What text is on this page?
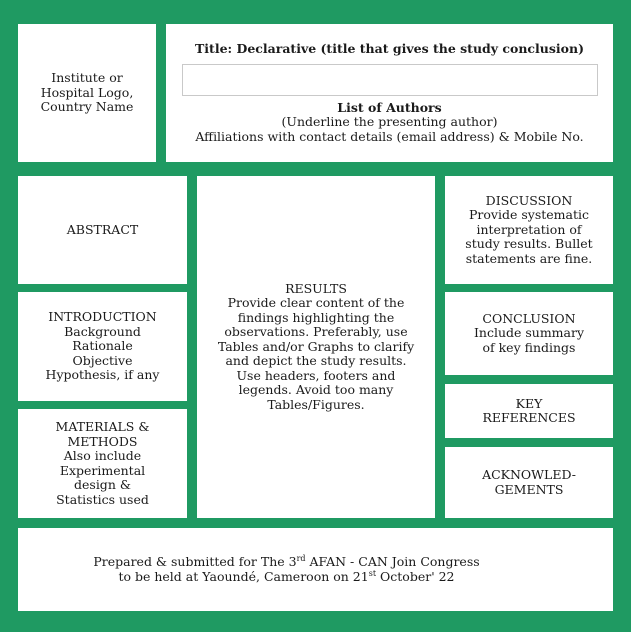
Institute or
Hospital Logo,
Country Name
Title: Declarative (title that gives the study conclusion)
List of Authors
(Underline the presenting author)
Affiliations with contact details (email address) & Mobile No.
ABSTRACT
INTRODUCTION
Background
Rationale
Objective
Hypothesis, if any
MATERIALS &
METHODS
Also include
Experimental
design &
Statistics used
RESULTS
Provide clear content of the
findings highlighting the
observations. Preferably, use
Tables and/or Graphs to clarify
and depict the study results.
Use headers, footers and
legends. Avoid too many
Tables/Figures.
DISCUSSION
Provide systematic
interpretation of
study results. Bullet
statements are fine.
CONCLUSION
Include summary
of key findings
KEY
REFERENCES
ACKNOWLED-
GEMENTS
Prepared & submitted for The 3rd AFAN - CAN Join Congress
to be held at Yaoundé, Cameroon on 21st October' 22
